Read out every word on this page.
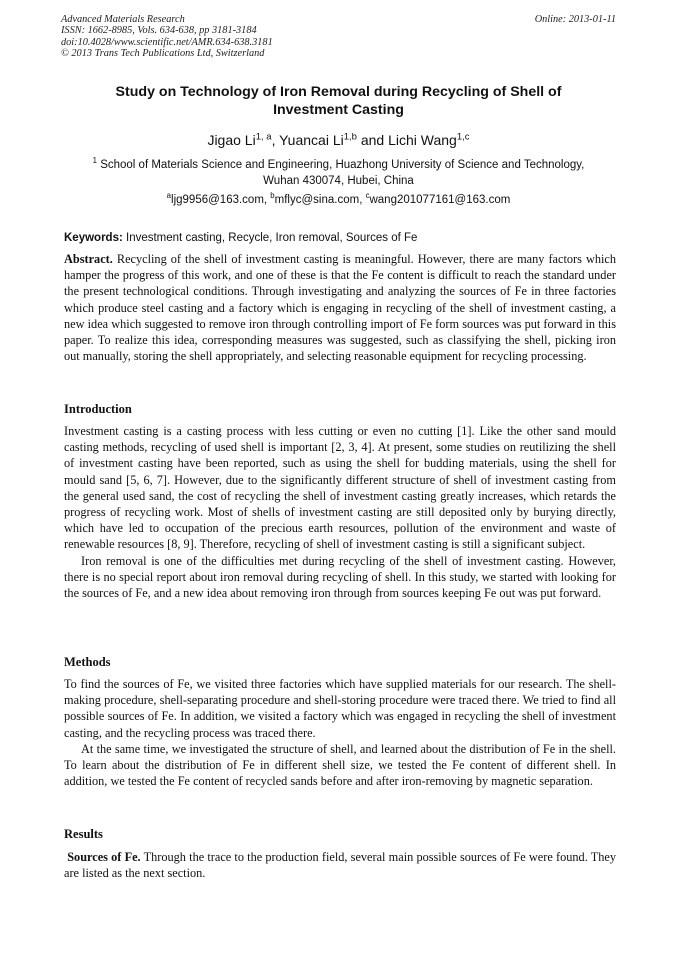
Advanced Materials Research
ISSN: 1662-8985, Vols. 634-638, pp 3181-3184
doi:10.4028/www.scientific.net/AMR.634-638.3181
© 2013 Trans Tech Publications Ltd, Switzerland
Online: 2013-01-11
Study on Technology of Iron Removal during Recycling of Shell of
Investment Casting
Jigao Li$^{1, a}$, Yuancai Li$^{1,b}$ and Lichi Wang$^{1,c}$
$^1$ School of Materials Science and Engineering, Huazhong University of Science and Technology,
Wuhan 430074, Hubei, China
$^a$ljg9956@163.com, $^b$mflyc@sina.com, $^c$wang201077161@163.com
Keywords: Investment casting, Recycle, Iron removal, Sources of Fe

Abstract. Recycling of the shell of investment casting is meaningful. However, there are many factors which hamper the progress of this work, and one of these is that the Fe content is difficult to reach the standard under the present technological conditions. Through investigating and analyzing the sources of Fe in three factories which produce steel casting and a factory which is engaging in recycling of the shell of investment casting, a new idea which suggested to remove iron through controlling import of Fe form sources was put forward in this paper. To realize this idea, corresponding measures was suggested, such as classifying the shell, picking iron out manually, storing the shell appropriately, and selecting reasonable equipment for recycling processing.

Introduction

Investment casting is a casting process with less cutting or even no cutting [1]. Like the other sand mould casting methods, recycling of used shell is important [2, 3, 4]. At present, some studies on reutilizing the shell of investment casting have been reported, such as using the shell for budding materials, using the shell for mould sand [5, 6, 7]. However, due to the significantly different structure of shell of investment casting from the general used sand, the cost of recycling the shell of investment casting greatly increases, which retards the progress of recycling work. Most of shells of investment casting are still deposited only by burying directly, which have led to occupation of the precious earth resources, pollution of the environment and waste of renewable resources [8, 9]. Therefore, recycling of shell of investment casting is still a significant subject.

Iron removal is one of the difficulties met during recycling of the shell of investment casting. However, there is no special report about iron removal during recycling of shell. In this study, we started with looking for the sources of Fe, and a new idea about removing iron through from sources keeping Fe out was put forward.

Methods

To find the sources of Fe, we visited three factories which have supplied materials for our research. The shell-making procedure, shell-separating procedure and shell-storing procedure were traced there. We tried to find all possible sources of Fe. In addition, we visited a factory which was engaged in recycling the shell of investment casting, and the recycling process was traced there.

At the same time, we investigated the structure of shell, and learned about the distribution of Fe in the shell. To learn about the distribution of Fe in different shell size, we tested the Fe content of different shell. In addition, we tested the Fe content of recycled sands before and after iron-removing by magnetic separation.

Results

Sources of Fe. Through the trace to the production field, several main possible sources of Fe were found. They are listed as the next section.
